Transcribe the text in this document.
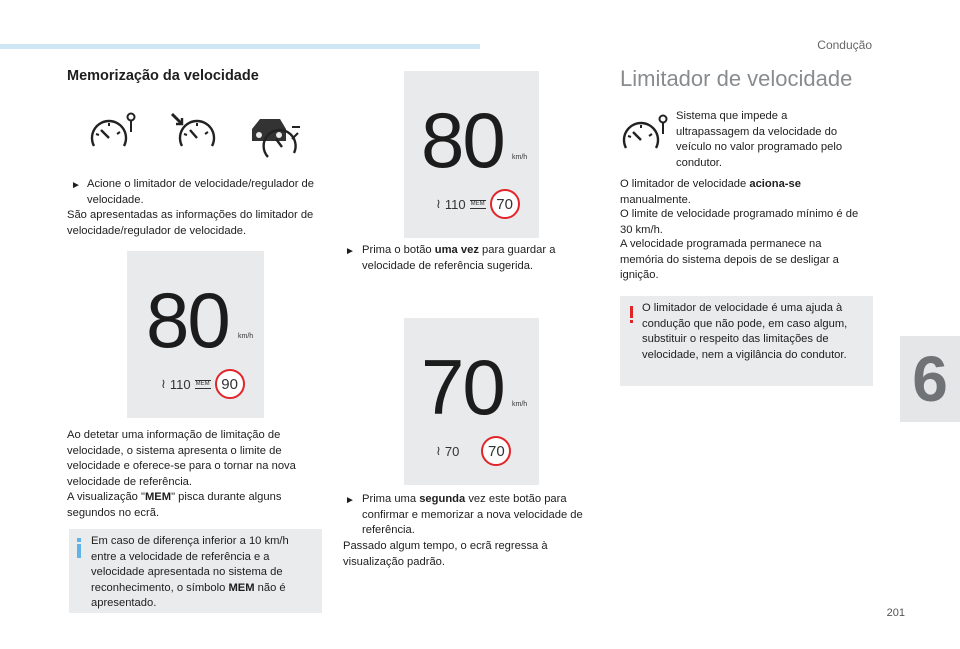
Condução
201
6
Memorização da velocidade
► Acione o limitador de velocidade/regulador de velocidade.
São apresentadas as informações do limitador de velocidade/regulador de velocidade.
80 km/h
≀ 110 MEM 90
Ao detetar uma informação de limitação de velocidade, o sistema apresenta o limite de velocidade e oferece-se para o tornar na nova velocidade de referência.
A visualização "MEM" pisca durante alguns segundos no ecrã.
Em caso de diferença inferior a 10 km/h entre a velocidade de referência e a velocidade apresentada no sistema de reconhecimento, o símbolo MEM não é apresentado.
80 km/h
≀ 110 MEM 70
► Prima o botão uma vez para guardar a velocidade de referência sugerida.
70 km/h
≀ 70	70
► Prima uma segunda vez este botão para confirmar e memorizar a nova velocidade de referência.
Passado algum tempo, o ecrã regressa à visualização padrão.
Limitador de velocidade
Sistema que impede a ultrapassagem da velocidade do veículo no valor programado pelo condutor.
O limitador de velocidade aciona-se manualmente.
O limite de velocidade programado mínimo é de 30 km/h.
A velocidade programada permanece na memória do sistema depois de se desligar a ignição.
O limitador de velocidade é uma ajuda à condução que não pode, em caso algum, substituir o respeito das limitações de velocidade, nem a vigilância do condutor.
